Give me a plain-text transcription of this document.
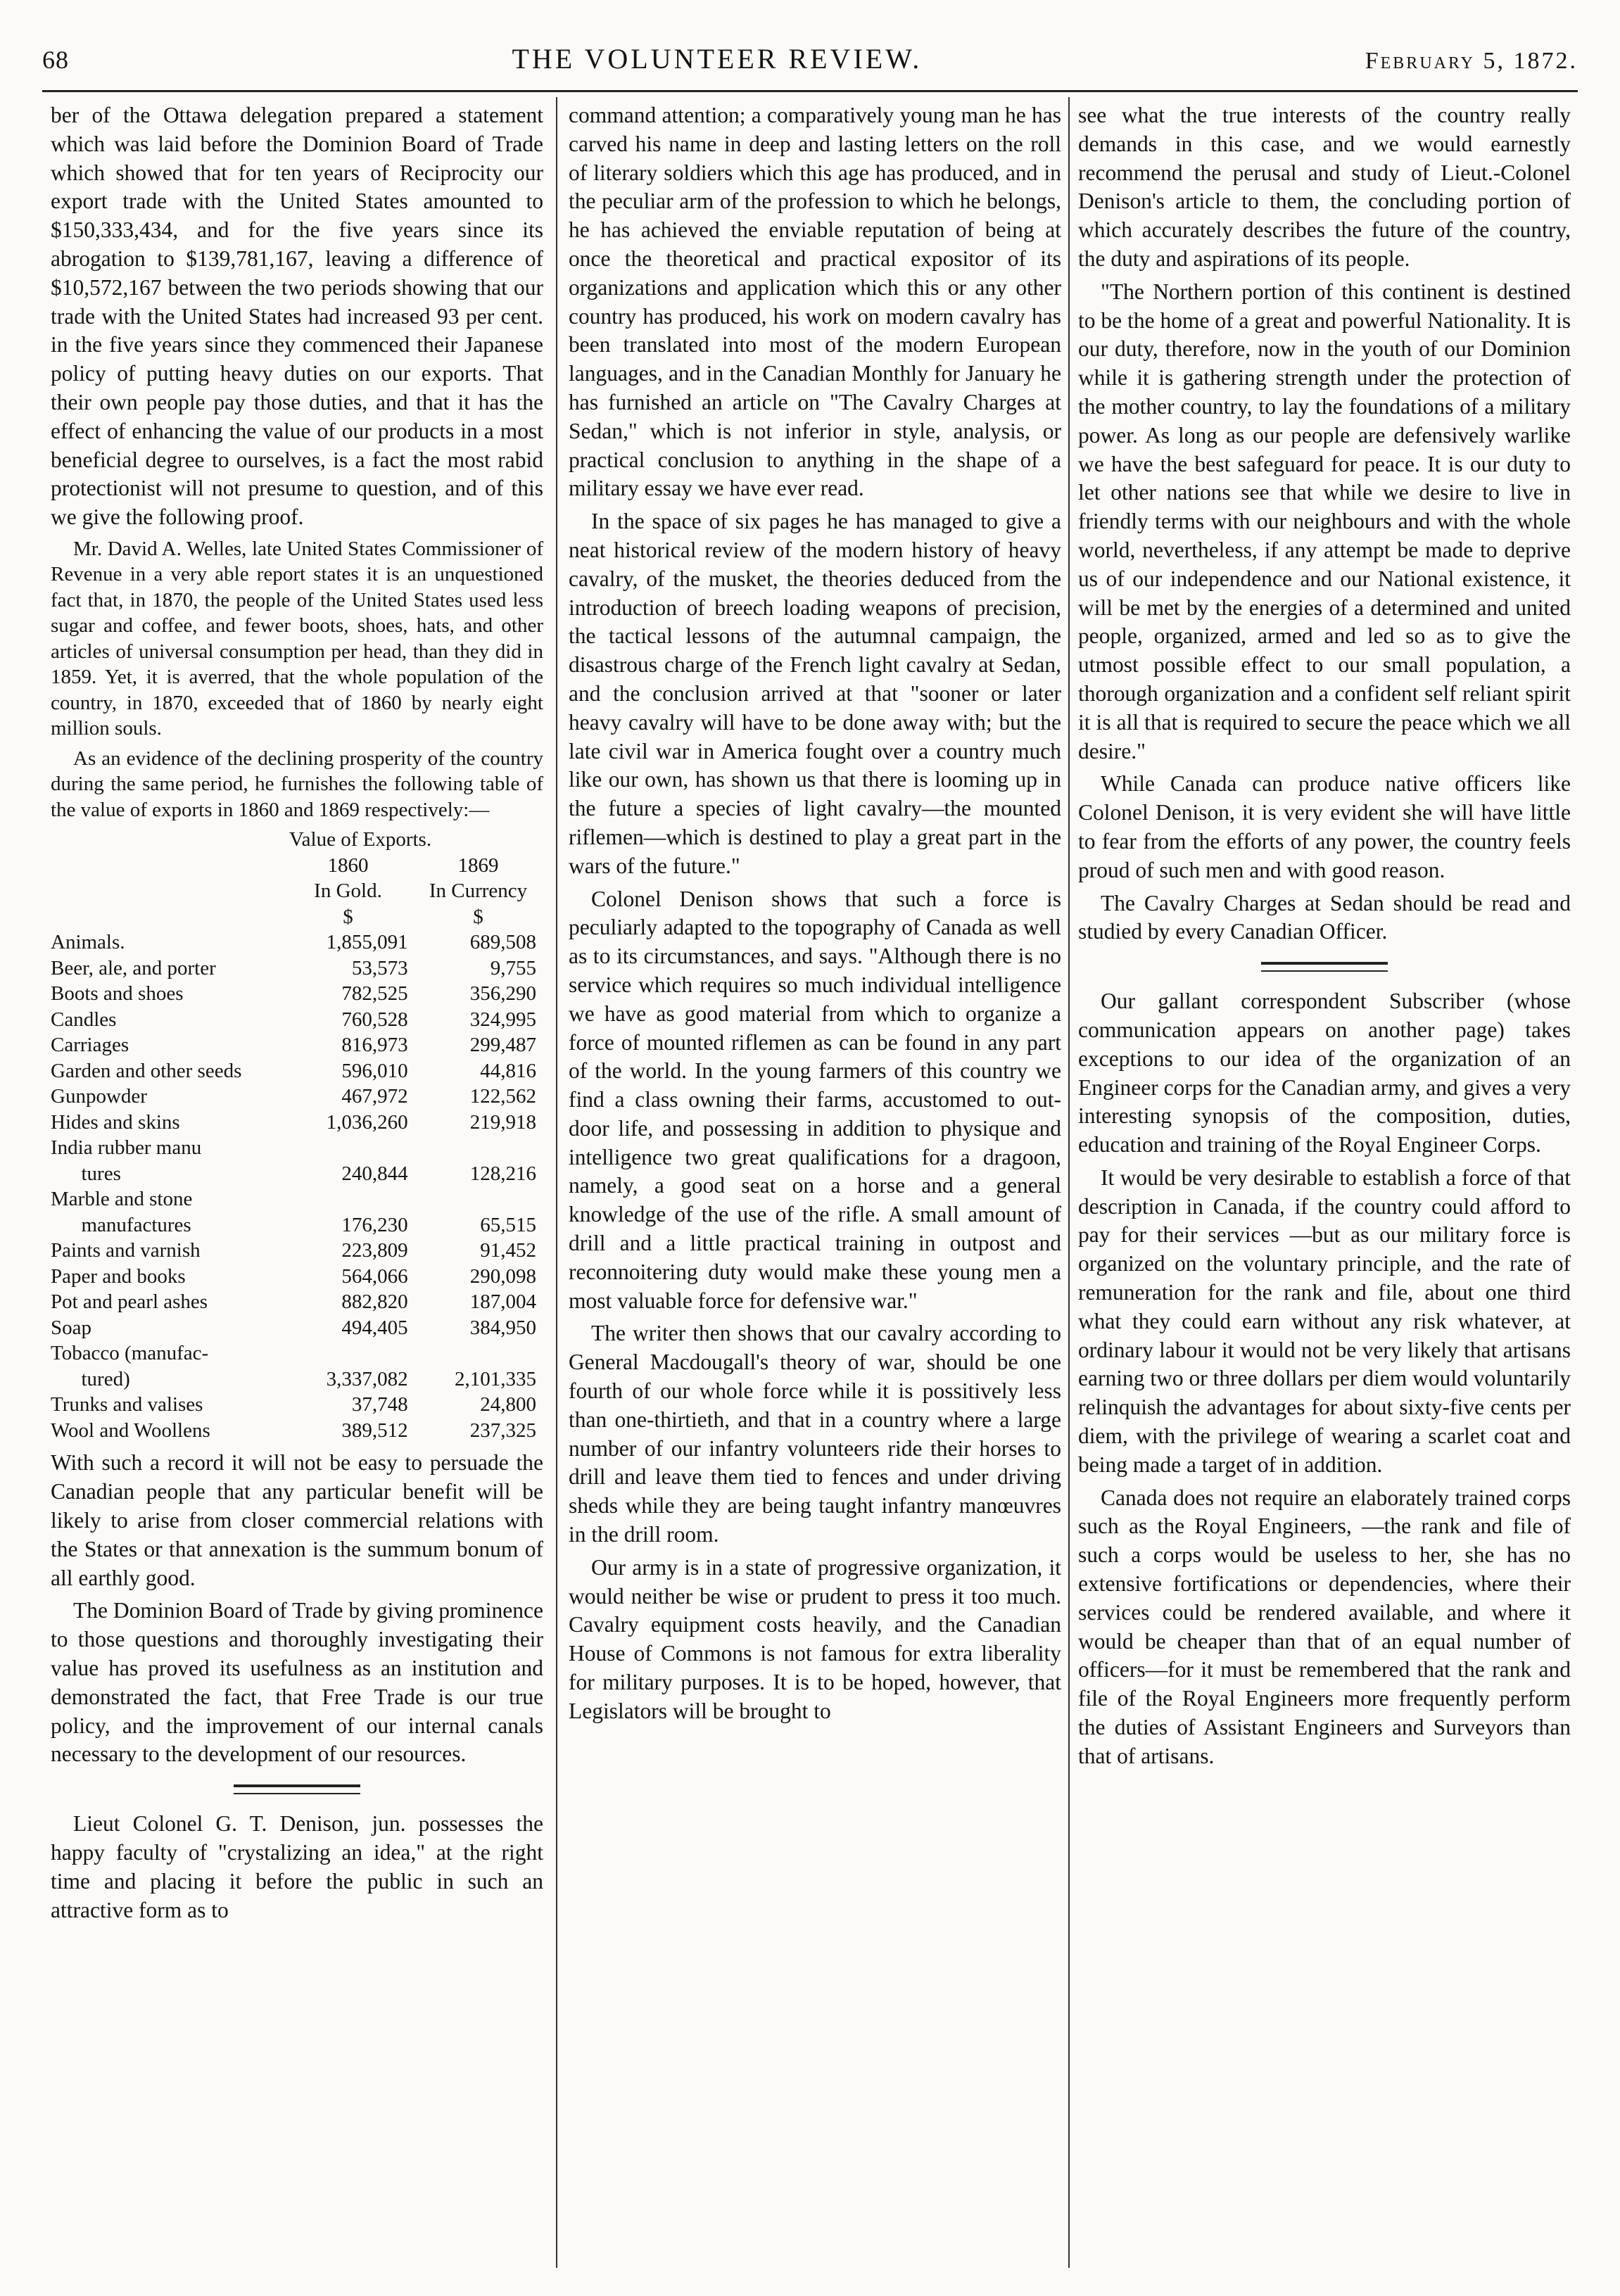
68	THE VOLUNTEER REVIEW.	February 5, 1872.

ber of the Ottawa delegation prepared a statement which was laid before the Dominion Board of Trade which showed that for ten years of Reciprocity our export trade with the United States amounted to $150,333,434, and for the five years since its abrogation to $139,781,167, leaving a difference of $10,572,167 between the two periods showing that our trade with the United States had increased 93 per cent. in the five years since they commenced their Japanese policy of putting heavy duties on our exports. That their own people pay those duties, and that it has the effect of enhancing the value of our products in a most beneficial degree to ourselves, is a fact the most rabid protectionist will not presume to question, and of this we give the following proof.

Mr. David A. Welles, late United States Commissioner of Revenue in a very able report states it is an unquestioned fact that, in 1870, the people of the United States used less sugar and coffee, and fewer boots, shoes, hats, and other articles of universal consumption per head, than they did in 1859. Yet, it is averred, that the whole population of the country, in 1870, exceeded that of 1860 by nearly eight million souls.

As an evidence of the declining prosperity of the country during the same period, he furnishes the following table of the value of exports in 1860 and 1869 respectively:—

Value of Exports.
1860	1869
In Gold.	In Currency
$	$
Animals.	1,855,091	689,508
Beer, ale, and porter	53,573	9,755
Boots and shoes	782,525	356,290
Candles	760,528	324,995
Carriages	816,973	299,487
Garden and other seeds	596,010	44,816
Gunpowder	467,972	122,562
Hides and skins	1,036,260	219,918
India rubber manu
tures	240,844	128,216
Marble and stone
manufactures	176,230	65,515
Paints and varnish	223,809	91,452
Paper and books	564,066	290,098
Pot and pearl ashes	882,820	187,004
Soap	494,405	384,950
Tobacco (manufac-
tured)	3,337,082	2,101,335
Trunks and valises	37,748	24,800
Wool and Woollens	389,512	237,325

With such a record it will not be easy to persuade the Canadian people that any particular benefit will be likely to arise from closer commercial relations with the States or that annexation is the summum bonum of all earthly good.

The Dominion Board of Trade by giving prominence to those questions and thoroughly investigating their value has proved its usefulness as an institution and demonstrated the fact, that Free Trade is our true policy, and the improvement of our internal canals necessary to the development of our resources.

Lieut Colonel G. T. Denison, jun. possesses the happy faculty of "crystalizing an idea," at the right time and placing it before the public in such an attractive form as to

command attention; a comparatively young man he has carved his name in deep and lasting letters on the roll of literary soldiers which this age has produced, and in the peculiar arm of the profession to which he belongs, he has achieved the enviable reputation of being at once the theoretical and practical expositor of its organizations and application which this or any other country has produced, his work on modern cavalry has been translated into most of the modern European languages, and in the Canadian Monthly for January he has furnished an article on "The Cavalry Charges at Sedan," which is not inferior in style, analysis, or practical conclusion to anything in the shape of a military essay we have ever read.

In the space of six pages he has managed to give a neat historical review of the modern history of heavy cavalry, of the musket, the theories deduced from the introduction of breech loading weapons of precision, the tactical lessons of the autumnal campaign, the disastrous charge of the French light cavalry at Sedan, and the conclusion arrived at that "sooner or later heavy cavalry will have to be done away with; but the late civil war in America fought over a country much like our own, has shown us that there is looming up in the future a species of light cavalry—the mounted riflemen—which is destined to play a great part in the wars of the future."

Colonel Denison shows that such a force is peculiarly adapted to the topography of Canada as well as to its circumstances, and says. "Although there is no service which requires so much individual intelligence we have as good material from which to organize a force of mounted riflemen as can be found in any part of the world. In the young farmers of this country we find a class owning their farms, accustomed to out-door life, and possessing in addition to physique and intelligence two great qualifications for a dragoon, namely, a good seat on a horse and a general knowledge of the use of the rifle. A small amount of drill and a little practical training in outpost and reconnoitering duty would make these young men a most valuable force for defensive war."

The writer then shows that our cavalry according to General Macdougall's theory of war, should be one fourth of our whole force while it is possitively less than one-thirtieth, and that in a country where a large number of our infantry volunteers ride their horses to drill and leave them tied to fences and under driving sheds while they are being taught infantry manœuvres in the drill room.

Our army is in a state of progressive organization, it would neither be wise or prudent to press it too much. Cavalry equipment costs heavily, and the Canadian House of Commons is not famous for extra liberality for military purposes. It is to be hoped, however, that Legislators will be brought to

see what the true interests of the country really demands in this case, and we would earnestly recommend the perusal and study of Lieut.-Colonel Denison's article to them, the concluding portion of which accurately describes the future of the country, the duty and aspirations of its people.

"The Northern portion of this continent is destined to be the home of a great and powerful Nationality. It is our duty, therefore, now in the youth of our Dominion while it is gathering strength under the protection of the mother country, to lay the foundations of a military power. As long as our people are defensively warlike we have the best safeguard for peace. It is our duty to let other nations see that while we desire to live in friendly terms with our neighbours and with the whole world, nevertheless, if any attempt be made to deprive us of our independence and our National existence, it will be met by the energies of a determined and united people, organized, armed and led so as to give the utmost possible effect to our small population, a thorough organization and a confident self reliant spirit it is all that is required to secure the peace which we all desire."

While Canada can produce native officers like Colonel Denison, it is very evident she will have little to fear from the efforts of any power, the country feels proud of such men and with good reason.

The Cavalry Charges at Sedan should be read and studied by every Canadian Officer.

Our gallant correspondent Subscriber (whose communication appears on another page) takes exceptions to our idea of the organization of an Engineer corps for the Canadian army, and gives a very interesting synopsis of the composition, duties, education and training of the Royal Engineer Corps.

It would be very desirable to establish a force of that description in Canada, if the country could afford to pay for their services —but as our military force is organized on the voluntary principle, and the rate of remuneration for the rank and file, about one third what they could earn without any risk whatever, at ordinary labour it would not be very likely that artisans earning two or three dollars per diem would voluntarily relinquish the advantages for about sixty-five cents per diem, with the privilege of wearing a scarlet coat and being made a target of in addition.

Canada does not require an elaborately trained corps such as the Royal Engineers, —the rank and file of such a corps would be useless to her, she has no extensive fortifications or dependencies, where their services could be rendered available, and where it would be cheaper than that of an equal number of officers—for it must be remembered that the rank and file of the Royal Engineers more frequently perform the duties of Assistant Engineers and Surveyors than that of artisans.
